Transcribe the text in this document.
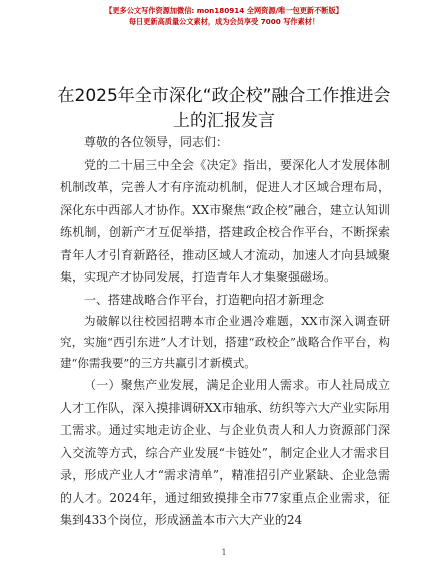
【更多公文写作资源加微信: mon180914 全网资源/唯一包更新不断版】
每日更新高质量公文素材，成为会员享受 7000 写作素材！
在2025年全市深化“政企校”融合工作推进会
上的汇报发言

尊敬的各位领导，同志们：

党的二十届三中全会《决定》指出，要深化人才发展体制机制改革，完善人才有序流动机制，促进人才区域合理布局，深化东中西部人才协作。XX市聚焦“政企校”融合，建立认知训练机制，创新产才互促举措，搭建政企校合作平台，不断探索青年人才引育新路径，推动区域人才流动，加速人才向县域聚集，实现产才协同发展，打造青年人才集聚强磁场。

一、搭建战略合作平台，打造靶向招才新理念

为破解以往校园招聘本市企业遇冷难题，XX市深入调查研究，实施“西引东进”人才计划，搭建“政校企”战略合作平台，构建“你需我要”的三方共赢引才新模式。

（一）聚焦产业发展，满足企业用人需求。市人社局成立人才工作队，深入摸排调研XX市轴承、纺织等六大产业实际用工需求。通过实地走访企业、与企业负责人和人力资源部门深入交流等方式，综合产业发展“卡链处”，制定企业人才需求目录，形成产业人才“需求清单”，精准招引产业紧缺、企业急需的人才。2024年，通过细致摸排全市77家重点企业需求，征集到433个岗位，形成涵盖本市六大产业的24

1
